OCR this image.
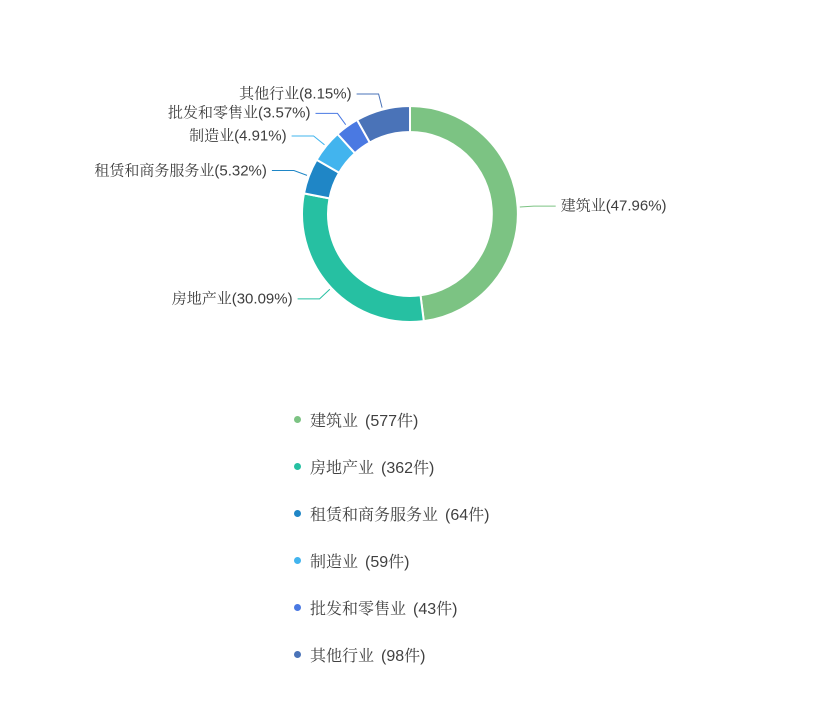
建筑业(47.96%)
房地产业(30.09%)
租赁和商务服务业(5.32%)
制造业(4.91%)
批发和零售业(3.57%)
其他行业(8.15%)
建筑业 (577件)
房地产业 (362件)
租赁和商务服务业 (64件)
制造业 (59件)
批发和零售业 (43件)
其他行业 (98件)
